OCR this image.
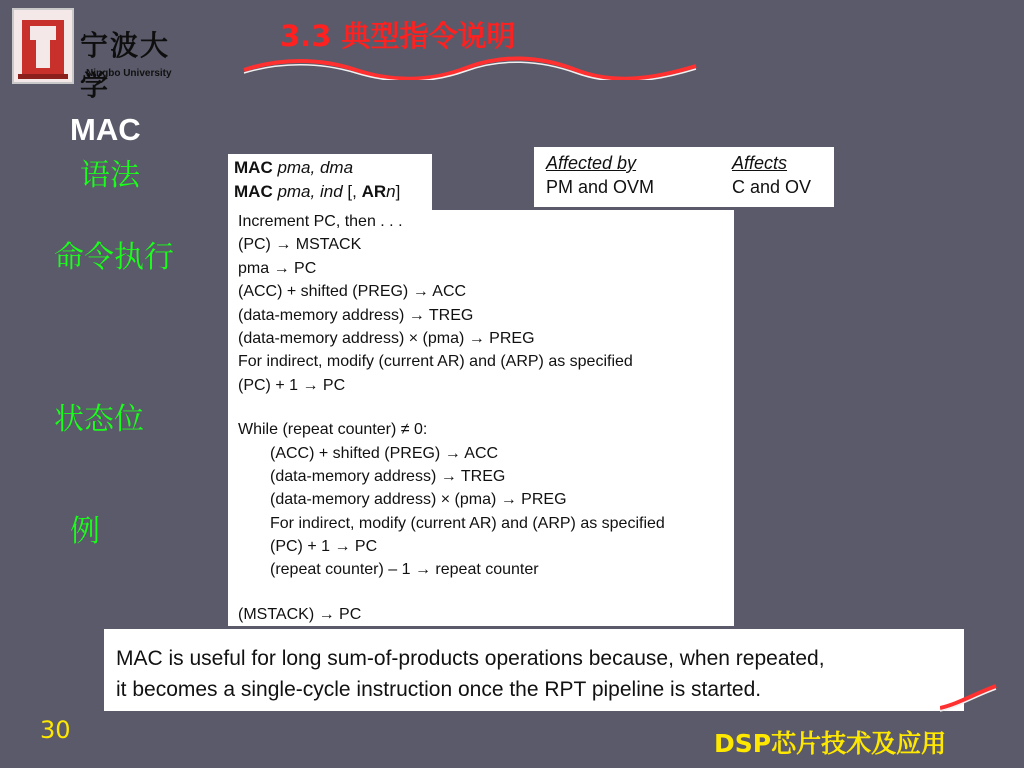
宁波大学
Ningbo University
3.3 典型指令说明
MAC
语法
命令执行
状态位
例
MAC pma, dma
MAC pma, ind [, ARn]
Affected by	Affects
PM and OVM	C and OV
Increment PC, then . . .
(PC) → MSTACK
pma → PC
(ACC) + shifted (PREG) → ACC
(data-memory address) → TREG
(data-memory address) × (pma) → PREG
For indirect, modify (current AR) and (ARP) as specified
(PC) + 1 → PC
While (repeat counter) ≠ 0:
(ACC) + shifted (PREG) → ACC
(data-memory address) → TREG
(data-memory address) × (pma) → PREG
For indirect, modify (current AR) and (ARP) as specified
(PC) + 1 → PC
(repeat counter) – 1 → repeat counter
(MSTACK) → PC
MAC is useful for long sum-of-products operations because, when repeated,
it becomes a single-cycle instruction once the RPT pipeline is started.
30	DSP芯片技术及应用
